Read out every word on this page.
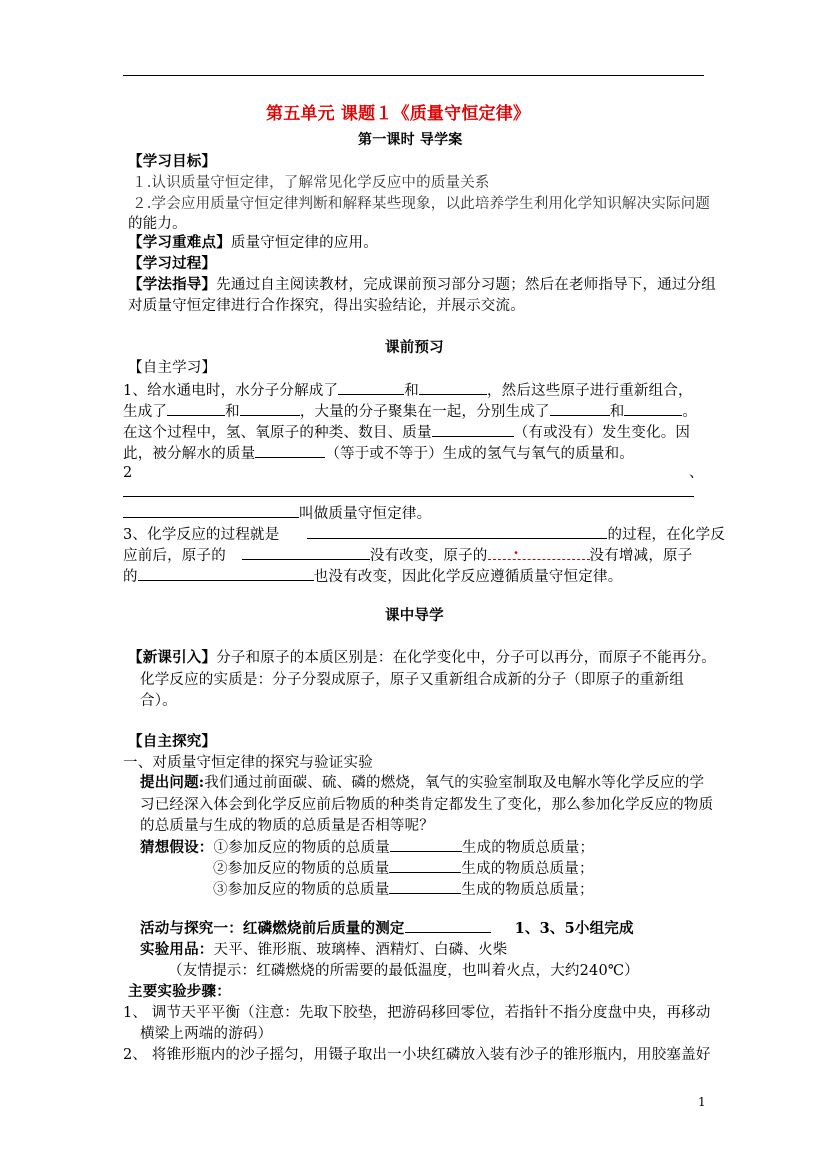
第五单元 课题１《质量守恒定律》
第一课时 导学案
【学习目标】
１.认识质量守恒定律，了解常见化学反应中的质量关系
２.学会应用质量守恒定律判断和解释某些现象，以此培养学生利用化学知识解决实际问题
的能力。
【学习重难点】质量守恒定律的应用。
【学习过程】
【学法指导】先通过自主阅读教材，完成课前预习部分习题；然后在老师指导下，通过分组
对质量守恒定律进行合作探究，得出实验结论，并展示交流。
课前预习
【自主学习】
1、给水通电时，水分子分解成了	和	，然后这些原子进行重新组合，
生成了	和	，大量的分子聚集在一起，分别生成了	和	。
在这个过程中，氢、氧原子的种类、数目、质量	（有或没有）发生变化。因
此，被分解水的质量	（等于或不等于）生成的氢气与氧气的质量和。
2	、
叫做质量守恒定律。
3、化学反应的过程就是	的过程，在化学反
应前后，原子的	没有改变，原子的 .	没有增减，原子
的	也没有改变，因此化学反应遵循质量守恒定律。
课中导学
【新课引入】分子和原子的本质区别是：在化学变化中，分子可以再分，而原子不能再分。
化学反应的实质是：分子分裂成原子，原子又重新组合成新的分子（即原子的重新组
合）。
【自主探究】
一、对质量守恒定律的探究与验证实验
提出问题:我们通过前面碳、硫、磷的燃烧，氧气的实验室制取及电解水等化学反应的学
习已经深入体会到化学反应前后物质的种类肯定都发生了变化，那么参加化学反应的物质
的总质量与生成的物质的总质量是否相等呢？
猜想假设：①参加反应的物质的总质量	生成的物质总质量；
②参加反应的物质的总质量	生成的物质总质量；
③参加反应的物质的总质量	生成的物质总质量；
活动与探究一：红磷燃烧前后质量的测定	1、3、5小组完成
实验用品：天平、锥形瓶、玻璃棒、酒精灯、白磷、火柴
（友情提示：红磷燃烧的所需要的最低温度，也叫着火点，大约240℃）
主要实验步骤：
1、 调节天平平衡（注意：先取下胶垫，把游码移回零位，若指针不指分度盘中央，再移动
横梁上两端的游码）
2、 将锥形瓶内的沙子摇匀，用镊子取出一小块红磷放入装有沙子的锥形瓶内，用胶塞盖好
1
